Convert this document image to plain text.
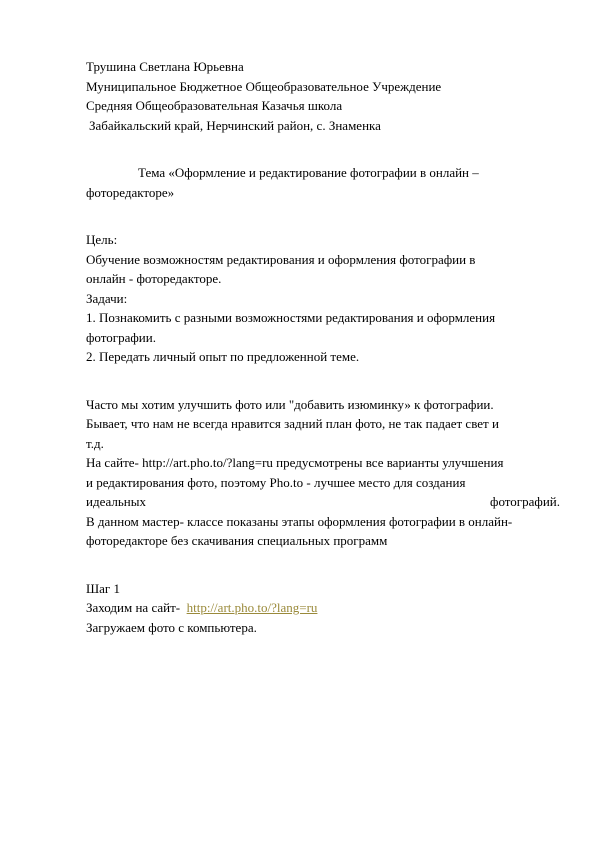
Трушина Светлана Юрьевна
Муниципальное Бюджетное Общеобразовательное Учреждение
Средняя Общеобразовательная Казачья школа
Забайкальский край, Нерчинский район, с. Знаменка
Тема «Оформление и редактирование фотографии в онлайн –
фоторедакторе»
Цель:
Обучение возможностям редактирования и оформления фотографии в
онлайн - фоторедакторе.
Задачи:
1. Познакомить с разными возможностями редактирования и оформления
фотографии.
2. Передать личный опыт по предложенной теме.
Часто мы хотим улучшить фото или "добавить изюминку» к фотографии.
Бывает, что нам не всегда нравится задний план фото, не так падает свет и
т.д.
На сайте- http://art.pho.to/?lang=ru предусмотрены все варианты улучшения
и редактирования фото, поэтому Pho.to - лучшее место для создания
идеальных	фотографий.
В данном мастер- классе показаны этапы оформления фотографии в онлайн-
фоторедакторе без скачивания специальных программ
Шаг 1
Заходим на сайт-  http://art.pho.to/?lang=ru
Загружаем фото с компьютера.
